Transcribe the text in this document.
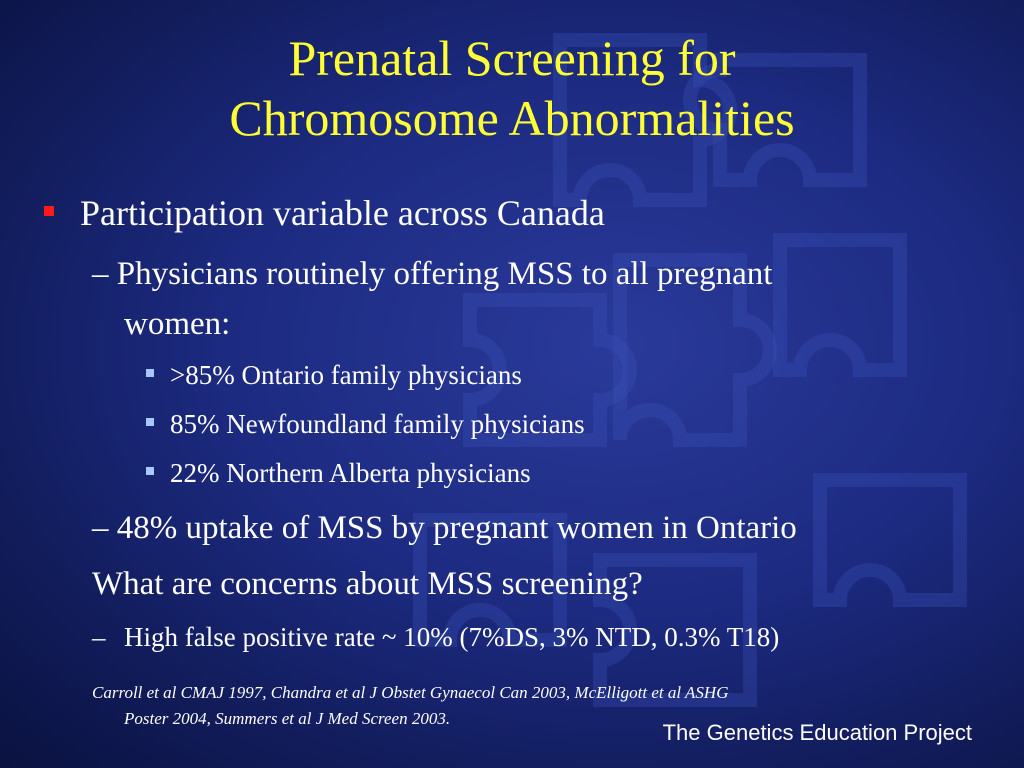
Prenatal Screening for
Chromosome Abnormalities
Participation variable across Canada
– Physicians routinely offering MSS to all pregnant
women:
>85% Ontario family physicians
85% Newfoundland family physicians
22% Northern Alberta physicians
– 48% uptake of MSS by pregnant women in Ontario
What are concerns about MSS screening?
– High false positive rate ~ 10% (7%DS, 3% NTD, 0.3% T18)
Carroll et al CMAJ 1997, Chandra et al J Obstet Gynaecol Can 2003, McElligott et al ASHG
Poster 2004, Summers et al J Med Screen 2003.
The Genetics Education Project
